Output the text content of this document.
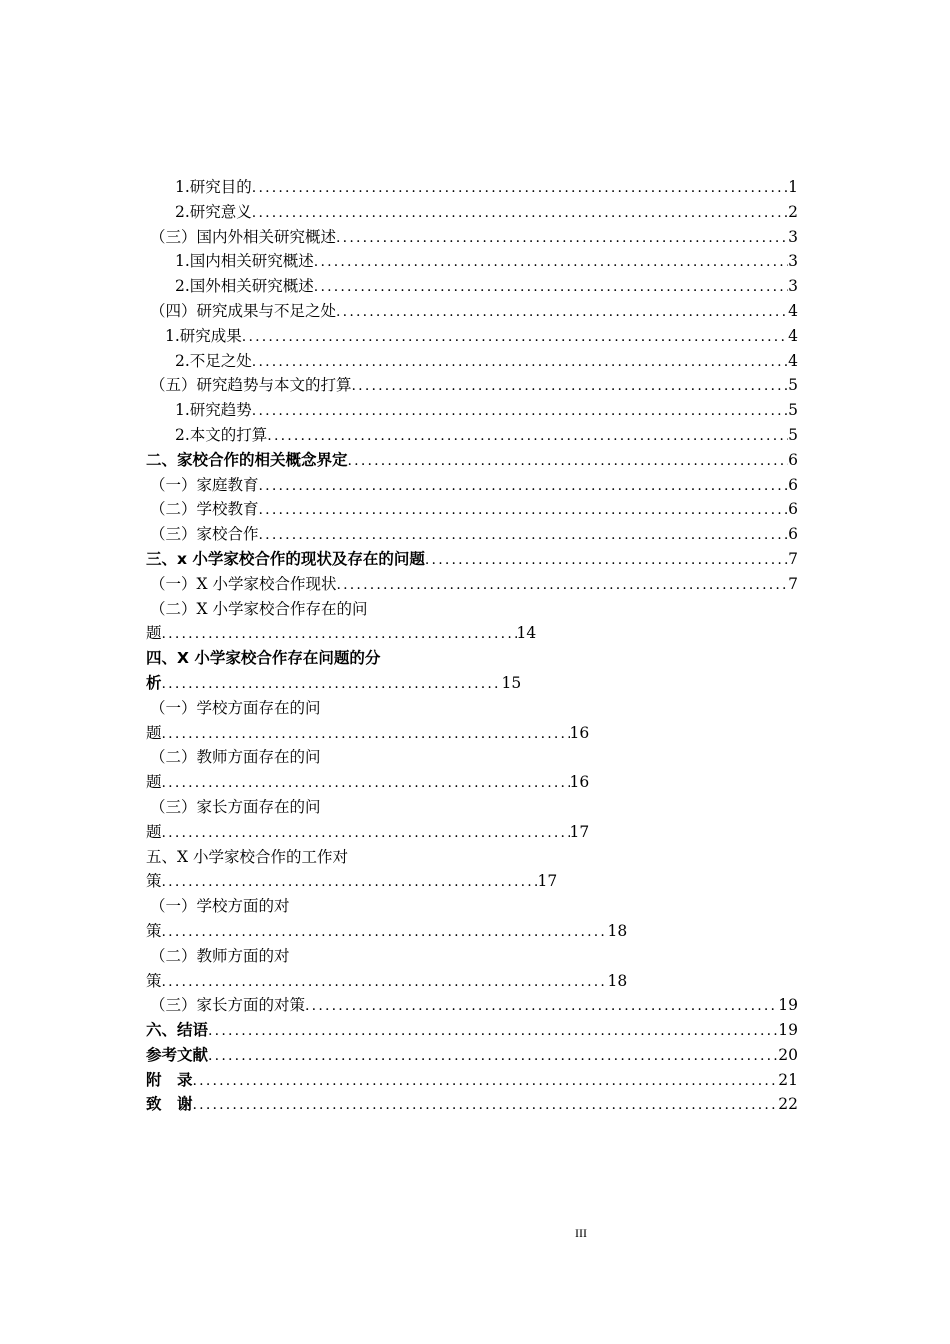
1.研究目的 .....	1
2.研究意义 .....	2
（三）国内外相关研究概述 .....	3
1.国内相关研究概述 .....	3
2.国外相关研究概述 .....	3
（四）研究成果与不足之处 .....	4
1.研究成果 .....	4
2.不足之处 .....	4
（五）研究趋势与本文的打算 .....	5
1.研究趋势 .....	5
2.本文的打算 .....	5
二、家校合作的相关概念界定 .....	6
（一）家庭教育 .....	6
（二）学校教育 .....	6
（三）家校合作 .....	6
三、x 小学家校合作的现状及存在的问题 .....	7
（一）X 小学家校合作现状 .....	7
（二）X 小学家校合作存在的问
题 .....	14
四、X 小学家校合作存在问题的分
析 .....	15
（一）学校方面存在的问
题 .....	16
（二）教师方面存在的问
题 .....	16
（三）家长方面存在的问
题 .....	17
五、X 小学家校合作的工作对
策 .....	17
（一）学校方面的对
策 .....	18
（二）教师方面的对
策 .....	18
（三）家长方面的对策 .....	19
六、结语 .....	19
参考文献 .....	20
附　录 .....	21
致　谢 .....	22
III
